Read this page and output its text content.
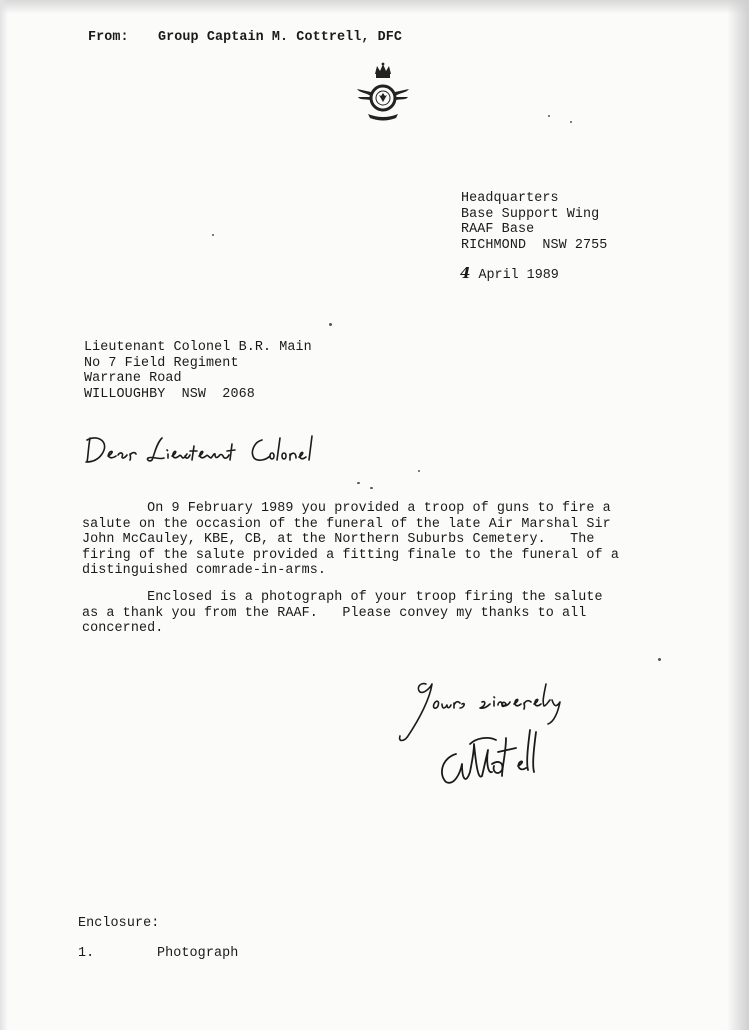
From: Group Captain M. Cottrell, DFC
Headquarters
Base Support Wing
RAAF Base
RICHMOND  NSW 2755
4 April 1989
Lieutenant Colonel B.R. Main
No 7 Field Regiment
Warrane Road
WILLOUGHBY  NSW  2068
On 9 February 1989 you provided a troop of guns to fire a
salute on the occasion of the funeral of the late Air Marshal Sir
John McCauley, KBE, CB, at the Northern Suburbs Cemetery.   The
firing of the salute provided a fitting finale to the funeral of a
distinguished comrade-in-arms.
Enclosed is a photograph of your troop firing the salute
as a thank you from the RAAF.   Please convey my thanks to all
concerned.
Enclosure:
1.	Photograph
